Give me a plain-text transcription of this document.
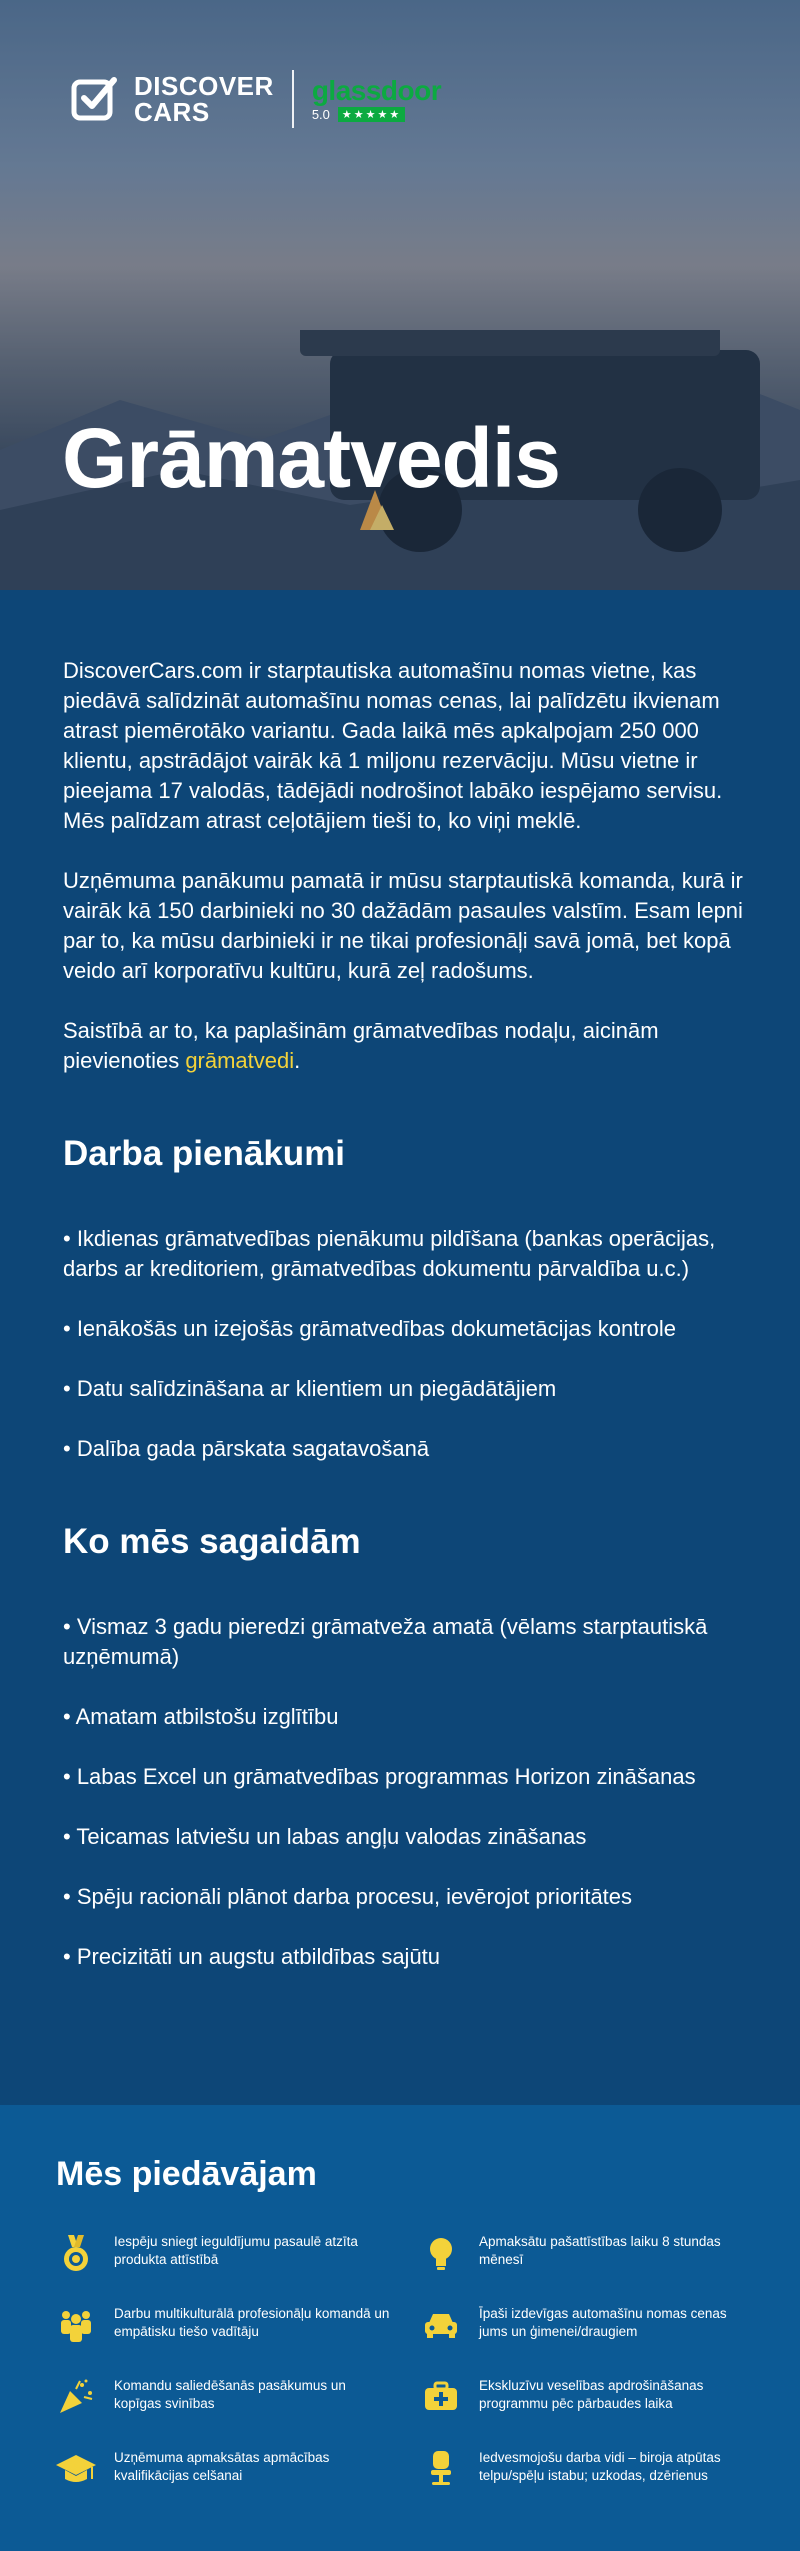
DISCOVER
CARS
glassdoor
5.0	★★★★★
Grāmatvedis

DiscoverCars.com ir starptautiska automašīnu nomas vietne, kas piedāvā salīdzināt automašīnu nomas cenas, lai palīdzētu ikvienam atrast piemērotāko variantu. Gada laikā mēs apkalpojam 250 000 klientu, apstrādājot vairāk kā 1 miljonu rezervāciju. Mūsu vietne ir pieejama 17 valodās, tādējādi nodrošinot labāko iespējamo servisu. Mēs palīdzam atrast ceļotājiem tieši to, ko viņi meklē.

Uzņēmuma panākumu pamatā ir mūsu starptautiskā komanda, kurā ir vairāk kā 150 darbinieki no 30 dažādām pasaules valstīm. Esam lepni par to, ka mūsu darbinieki ir ne tikai profesionāļi savā jomā, bet kopā veido arī korporatīvu kultūru, kurā zeļ radošums.

Saistībā ar to, ka paplašinām grāmatvedības nodaļu, aicinām pievienoties grāmatvedi.

Darba pienākumi
• Ikdienas grāmatvedības pienākumu pildīšana (bankas operācijas, darbs ar kreditoriem, grāmatvedības dokumentu pārvaldība u.c.)
• Ienākošās un izejošās grāmatvedības dokumetācijas kontrole
• Datu salīdzināšana ar klientiem un piegādātājiem
• Dalība gada pārskata sagatavošanā
Ko mēs sagaidām
• Vismaz 3 gadu pieredzi grāmatveža amatā (vēlams starptautiskā uzņēmumā)
• Amatam atbilstošu izglītību
• Labas Excel un grāmatvedības programmas Horizon zināšanas
• Teicamas latviešu un labas angļu valodas zināšanas
• Spēju racionāli plānot darba procesu, ievērojot prioritātes
• Precizitāti un augstu atbildības sajūtu
Mēs piedāvājam
Iespēju sniegt ieguldījumu pasaulē atzīta produkta attīstībā
Apmaksātu pašattīstības laiku 8 stundas mēnesī
Darbu multikulturālā profesionāļu komandā un empātisku tiešo vadītāju
Īpaši izdevīgas automašīnu nomas cenas jums un ģimenei/draugiem
Komandu saliedēšanās pasākumus un kopīgas svinības
Ekskluzīvu veselības apdrošināšanas programmu pēc pārbaudes laika
Uzņēmuma apmaksātas apmācības kvalifikācijas celšanai
Iedvesmojošu darba vidi – biroja atpūtas telpu/spēļu istabu; uzkodas, dzērienus
